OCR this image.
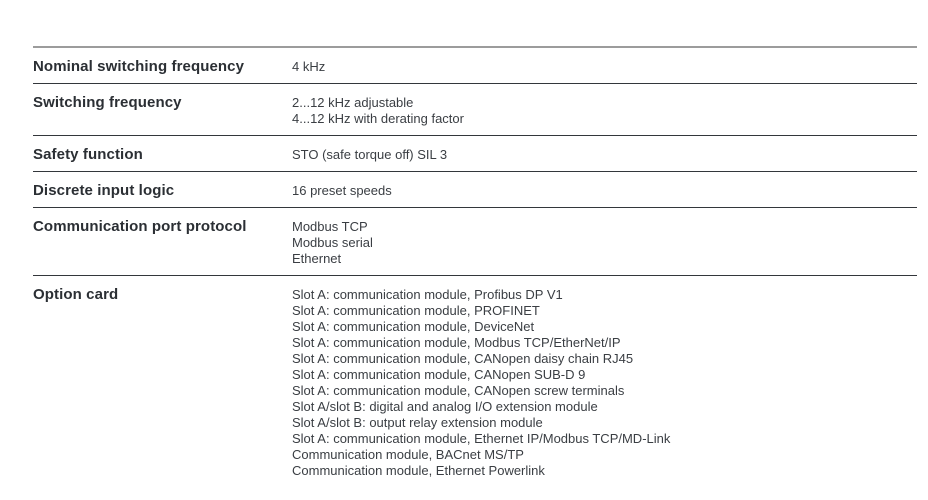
Nominal switching frequency	4 kHz
Switching frequency	2...12 kHz adjustable
4...12 kHz with derating factor
Safety function	STO (safe torque off) SIL 3
Discrete input logic	16 preset speeds
Communication port protocol	Modbus TCP
Modbus serial
Ethernet
Option card	Slot A: communication module, Profibus DP V1
Slot A: communication module, PROFINET
Slot A: communication module, DeviceNet
Slot A: communication module, Modbus TCP/EtherNet/IP
Slot A: communication module, CANopen daisy chain RJ45
Slot A: communication module, CANopen SUB-D 9
Slot A: communication module, CANopen screw terminals
Slot A/slot B: digital and analog I/O extension module
Slot A/slot B: output relay extension module
Slot A: communication module, Ethernet IP/Modbus TCP/MD-Link
Communication module, BACnet MS/TP
Communication module, Ethernet Powerlink
